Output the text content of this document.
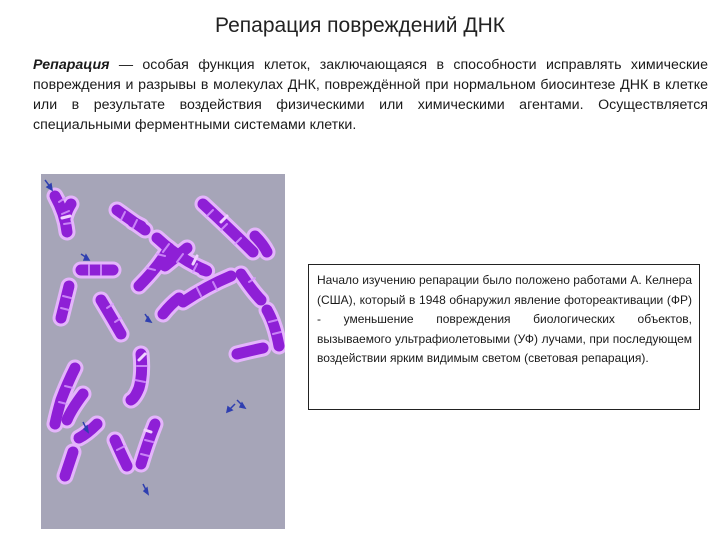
Репарация повреждений ДНК

Репарация — особая функция клеток, заключающаяся в способности исправлять химические повреждения и разрывы в молекулах ДНК, повреждённой при нормальном биосинтезе ДНК в клетке или в результате воздействия физическими или химическими агентами. Осуществляется специальными ферментными системами клетки.

Начало изучению репарации было положено работами А. Келнера (США), который в 1948 обнаружил явление фотореактивации (ФР) - уменьшение повреждения биологических объектов, вызываемого ультрафиолетовыми (УФ) лучами, при последующем воздействии ярким видимым светом (световая репарация).
